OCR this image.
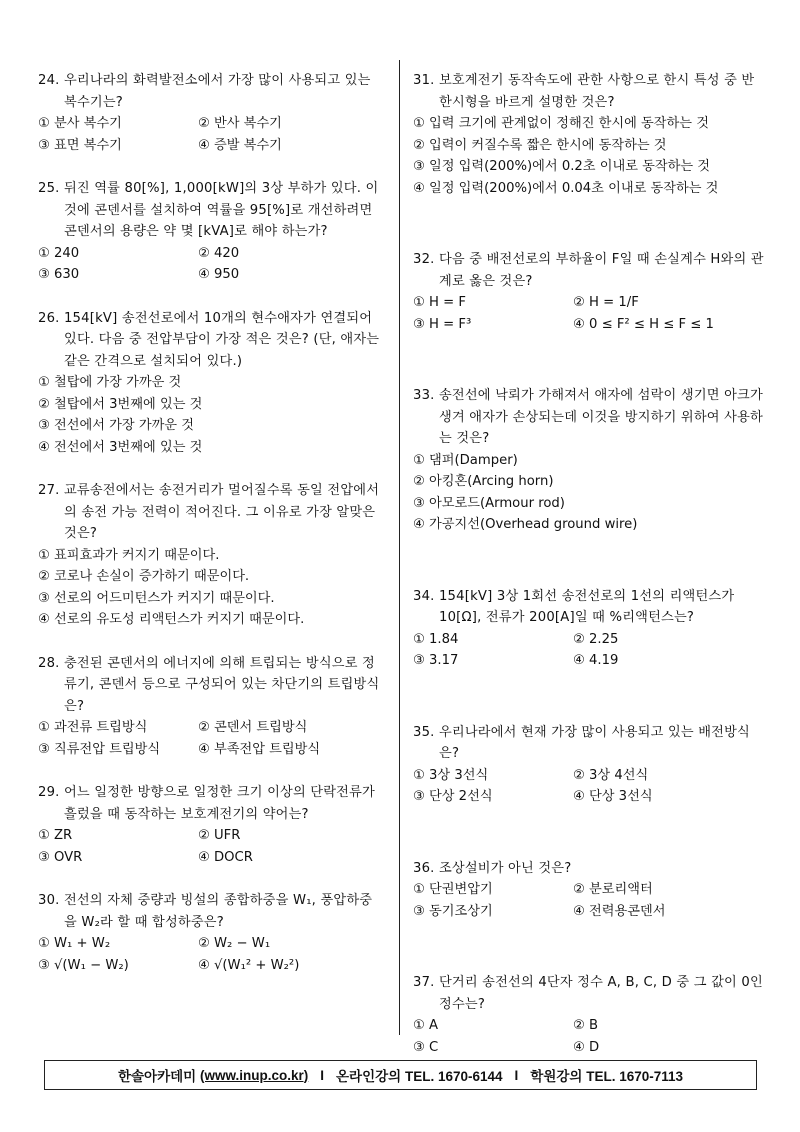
24. 우리나라의 화력발전소에서 가장 많이 사용되고 있는 복수기는?

① 분사 복수기	② 반사 복수기
③ 표면 복수기	④ 증발 복수기

25. 뒤진 역률 80[%], 1,000[kW]의 3상 부하가 있다. 이 것에 콘덴서를 설치하여 역률을 95[%]로 개선하려면 콘덴서의 용량은 약 몇 [kVA]로 해야 하는가?

① 240	② 420
③ 630	④ 950

26. 154[kV] 송전선로에서 10개의 현수애자가 연결되어 있다. 다음 중 전압부담이 가장 적은 것은? (단, 애자는 같은 간격으로 설치되어 있다.)

① 철탑에 가장 가까운 것
② 철탑에서 3번째에 있는 것
③ 전선에서 가장 가까운 것
④ 전선에서 3번째에 있는 것

27. 교류송전에서는 송전거리가 멀어질수록 동일 전압에서의 송전 가능 전력이 적어진다. 그 이유로 가장 알맞은 것은?

① 표피효과가 커지기 때문이다.
② 코로나 손실이 증가하기 때문이다.
③ 선로의 어드미턴스가 커지기 때문이다.
④ 선로의 유도성 리액턴스가 커지기 때문이다.

28. 충전된 콘덴서의 에너지에 의해 트립되는 방식으로 정류기, 콘덴서 등으로 구성되어 있는 차단기의 트립방식은?

① 과전류 트립방식	② 콘덴서 트립방식
③ 직류전압 트립방식	④ 부족전압 트립방식

29. 어느 일정한 방향으로 일정한 크기 이상의 단락전류가 흘렀을 때 동작하는 보호계전기의 약어는?

① ZR	② UFR
③ OVR	④ DOCR

30. 전선의 자체 중량과 빙설의 종합하중을 W₁, 풍압하중을 W₂라 할 때 합성하중은?

① W₁ + W₂	② W₂ − W₁
③ √(W₁ − W₂)	④ √(W₁² + W₂²)

31. 보호계전기 동작속도에 관한 사항으로 한시 특성 중 반한시형을 바르게 설명한 것은?

① 입력 크기에 관계없이 정해진 한시에 동작하는 것
② 입력이 커질수록 짧은 한시에 동작하는 것
③ 일정 입력(200%)에서 0.2초 이내로 동작하는 것
④ 일정 입력(200%)에서 0.04초 이내로 동작하는 것

32. 다음 중 배전선로의 부하율이 F일 때 손실계수 H와의 관계로 옳은 것은?

① H = F	② H = 1/F
③ H = F³	④ 0 ≤ F² ≤ H ≤ F ≤ 1

33. 송전선에 낙뢰가 가해져서 애자에 섬락이 생기면 아크가 생겨 애자가 손상되는데 이것을 방지하기 위하여 사용하는 것은?

① 댐퍼(Damper)
② 아킹혼(Arcing horn)
③ 아모로드(Armour rod)
④ 가공지선(Overhead ground wire)

34. 154[kV] 3상 1회선 송전선로의 1선의 리액턴스가 10[Ω], 전류가 200[A]일 때 %리액턴스는?

① 1.84	② 2.25
③ 3.17	④ 4.19

35. 우리나라에서 현재 가장 많이 사용되고 있는 배전방식은?

① 3상 3선식	② 3상 4선식
③ 단상 2선식	④ 단상 3선식

36. 조상설비가 아닌 것은?

① 단권변압기	② 분로리액터
③ 동기조상기	④ 전력용콘덴서

37. 단거리 송전선의 4단자 정수 A, B, C, D 중 그 값이 0인 정수는?

① A	② B
③ C	④ D
한솔아카데미
(www.inup.co.kr) I 온라인강의 TEL. 1670-6144 I 학원강의 TEL. 1670-7113
